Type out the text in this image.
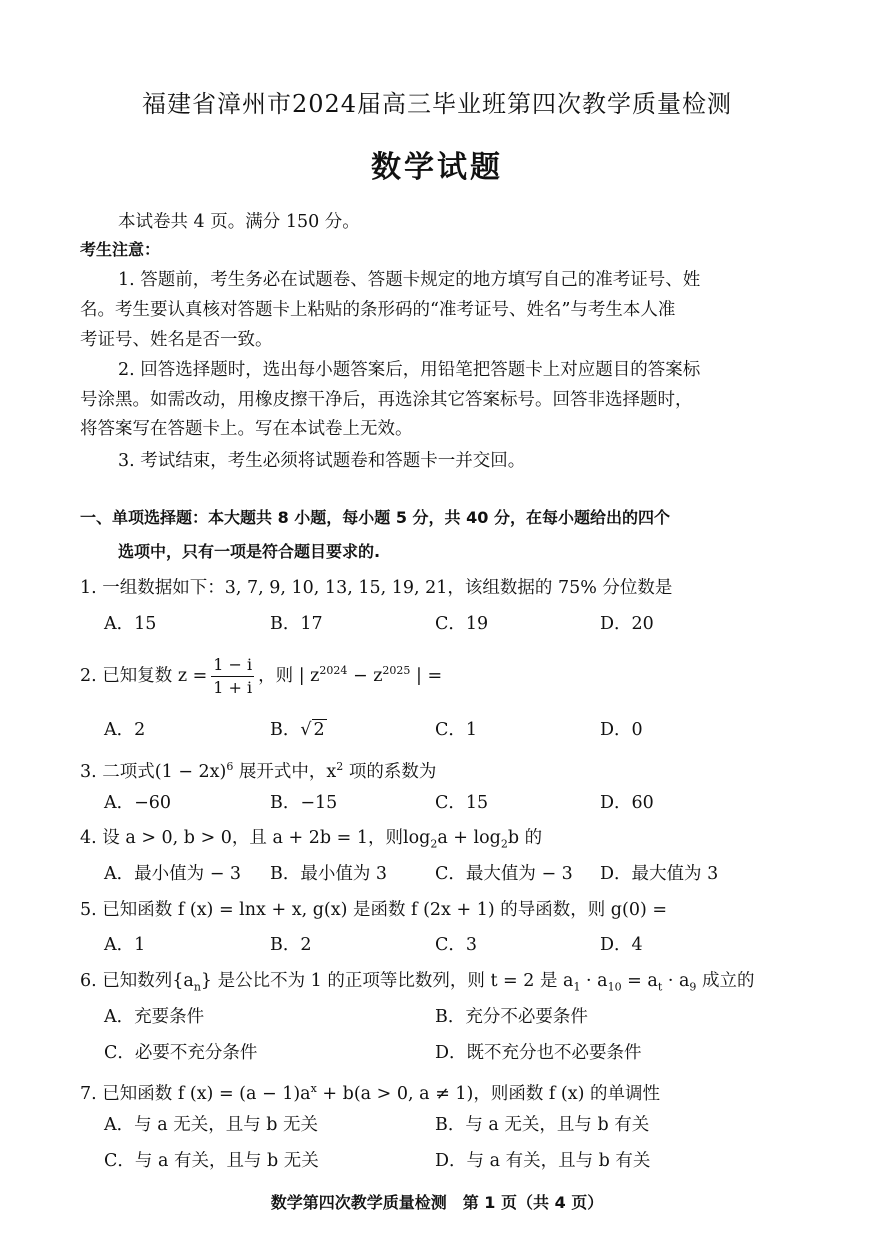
福建省漳州市2024届高三毕业班第四次教学质量检测
数学试题
本试卷共 4 页。满分 150 分。
考生注意：
1. 答题前，考生务必在试题卷、答题卡规定的地方填写自己的准考证号、姓
名。考生要认真核对答题卡上粘贴的条形码的“准考证号、姓名”与考生本人准
考证号、姓名是否一致。
2. 回答选择题时，选出每小题答案后，用铅笔把答题卡上对应题目的答案标
号涂黑。如需改动，用橡皮擦干净后，再选涂其它答案标号。回答非选择题时，
将答案写在答题卡上。写在本试卷上无效。
3. 考试结束，考生必须将试题卷和答题卡一并交回。
一、单项选择题：本大题共 8 小题，每小题 5 分，共 40 分，在每小题给出的四个
选项中，只有一项是符合题目要求的.
1. 一组数据如下：3, 7, 9, 10, 13, 15, 19, 21，该组数据的 75% 分位数是
A．15	B．17	C．19	D．20
2. 已知复数 $z = \frac{1 - i}{1 + i}$ ，则 | $z^{2024} - z^{2025}$ | =
A．2	B．√ 2	C．1	D．0
3. 二项式$(1 - 2x)^6$ 展开式中，$x^2$ 项的系数为
A．−60	B．−15	C．15	D．60
4. 设 a > 0, b > 0，且 a + 2b = 1，则$\log_2a + \log_2b$ 的
A．最小值为 − 3 B．最小值为 3	C．最大值为 − 3 D．最大值为 3
5. 已知函数 f (x) = lnx + x, g(x) 是函数 f (2x + 1) 的导函数，则 g(0) =
A．1	B．2	C．3	D．4
6. 已知数列$\{a_n\}$ 是公比不为 1 的正项等比数列，则 t = 2 是 $a_1 \cdot a_{10} = a_t \cdot a_9$ 成立的
A．充要条件	B．充分不必要条件
C．必要不充分条件	D．既不充分也不必要条件
7. 已知函数 f $(x) = (a - 1)a^x + b(a > 0$, a ≠ 1)，则函数 f (x) 的单调性
A．与 a 无关，且与 b 无关	B．与 a 无关，且与 b 有关
C．与 a 有关，且与 b 无关	D．与 a 有关，且与 b 有关
数学第四次教学质量检测　第 1 页（共 4 页）
